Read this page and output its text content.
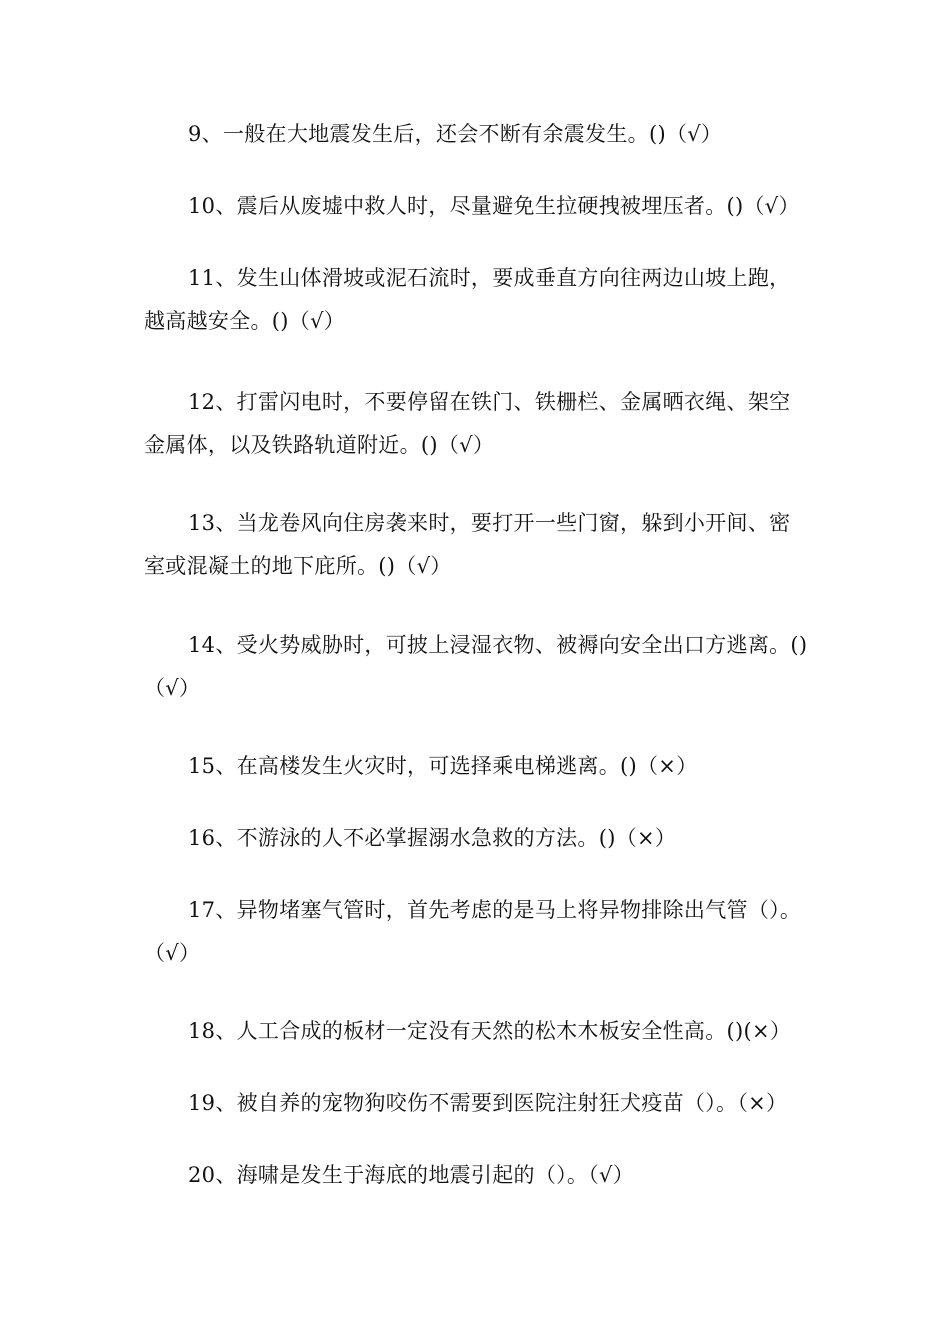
9、一般在大地震发生后，还会不断有余震发生。()（√）

10、震后从废墟中救人时，尽量避免生拉硬拽被埋压者。()（√）

11、发生山体滑坡或泥石流时，要成垂直方向往两边山坡上跑，越高越安全。()（√）

12、打雷闪电时，不要停留在铁门、铁栅栏、金属晒衣绳、架空金属体，以及铁路轨道附近。()（√）

13、当龙卷风向住房袭来时，要打开一些门窗，躲到小开间、密室或混凝土的地下庇所。()（√）

14、受火势威胁时，可披上浸湿衣物、被褥向安全出口方逃离。()（√）

15、在高楼发生火灾时，可选择乘电梯逃离。()（×）

16、不游泳的人不必掌握溺水急救的方法。()（×）

17、异物堵塞气管时，首先考虑的是马上将异物排除出气管（）。（√）

18、人工合成的板材一定没有天然的松木木板安全性高。()(×）

19、被自养的宠物狗咬伤不需要到医院注射狂犬疫苗（）。（×）

20、海啸是发生于海底的地震引起的（）。（√）
